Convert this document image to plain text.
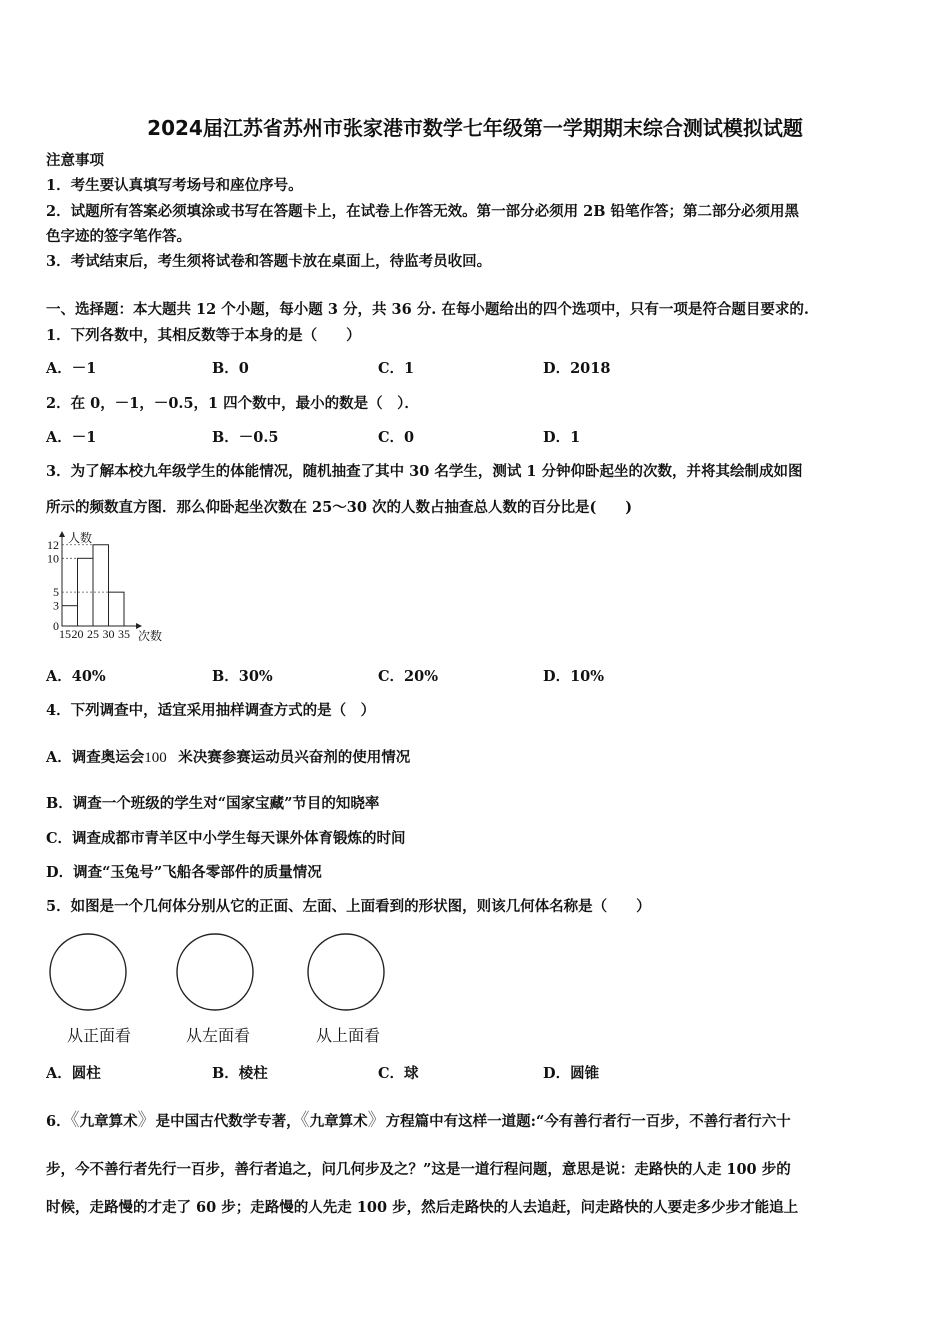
2024届江苏省苏州市张家港市数学七年级第一学期期末综合测试模拟试题
注意事项
1．考生要认真填写考场号和座位序号。
2．试题所有答案必须填涂或书写在答题卡上，在试卷上作答无效。第一部分必须用 2B 铅笔作答；第二部分必须用黑
色字迹的签字笔作答。
3．考试结束后，考生须将试卷和答题卡放在桌面上，待监考员收回。
一、选择题：本大题共 12 个小题，每小题 3 分，共 36 分. 在每小题给出的四个选项中，只有一项是符合题目要求的.
1．下列各数中，其相反数等于本身的是（　　）
A．－1	B．0	C．1	D．2018
2．在 0，－1，－0.5，1 四个数中，最小的数是（　）．
A．－1	B．－0.5	C．0	D．1
3．为了解本校九年级学生的体能情况，随机抽查了其中 30 名学生，测试 1 分钟仰卧起坐的次数，并将其绘制成如图
所示的频数直方图．那么仰卧起坐次数在 25～30 次的人数占抽查总人数的百分比是(　　)
0
3
5
10
12
15 20 25 30 35
人数
次数
A．40%	B．30%	C．20%	D．10%
4．下列调查中，适宜采用抽样调查方式的是（　）
A．调查奥运会 100 米决赛参赛运动员兴奋剂的使用情况
B．调查一个班级的学生对“国家宝藏”节目的知晓率
C．调查成都市青羊区中小学生每天课外体育锻炼的时间
D．调查“玉兔号”飞船各零部件的质量情况
5．如图是一个几何体分别从它的正面、左面、上面看到的形状图，则该几何体名称是（　　）
从正面看	从左面看	从上面看
A．圆柱	B．棱柱	C．球	D．圆锥
6．《九章算术》是中国古代数学专著，《九章算术》方程篇中有这样一道题:“今有善行者行一百步，不善行者行六十
步，今不善行者先行一百步，善行者追之，问几何步及之？”这是一道行程问题，意思是说：走路快的人走 100 步的
时候，走路慢的才走了 60 步；走路慢的人先走 100 步，然后走路快的人去追赶，问走路快的人要走多少步才能追上
